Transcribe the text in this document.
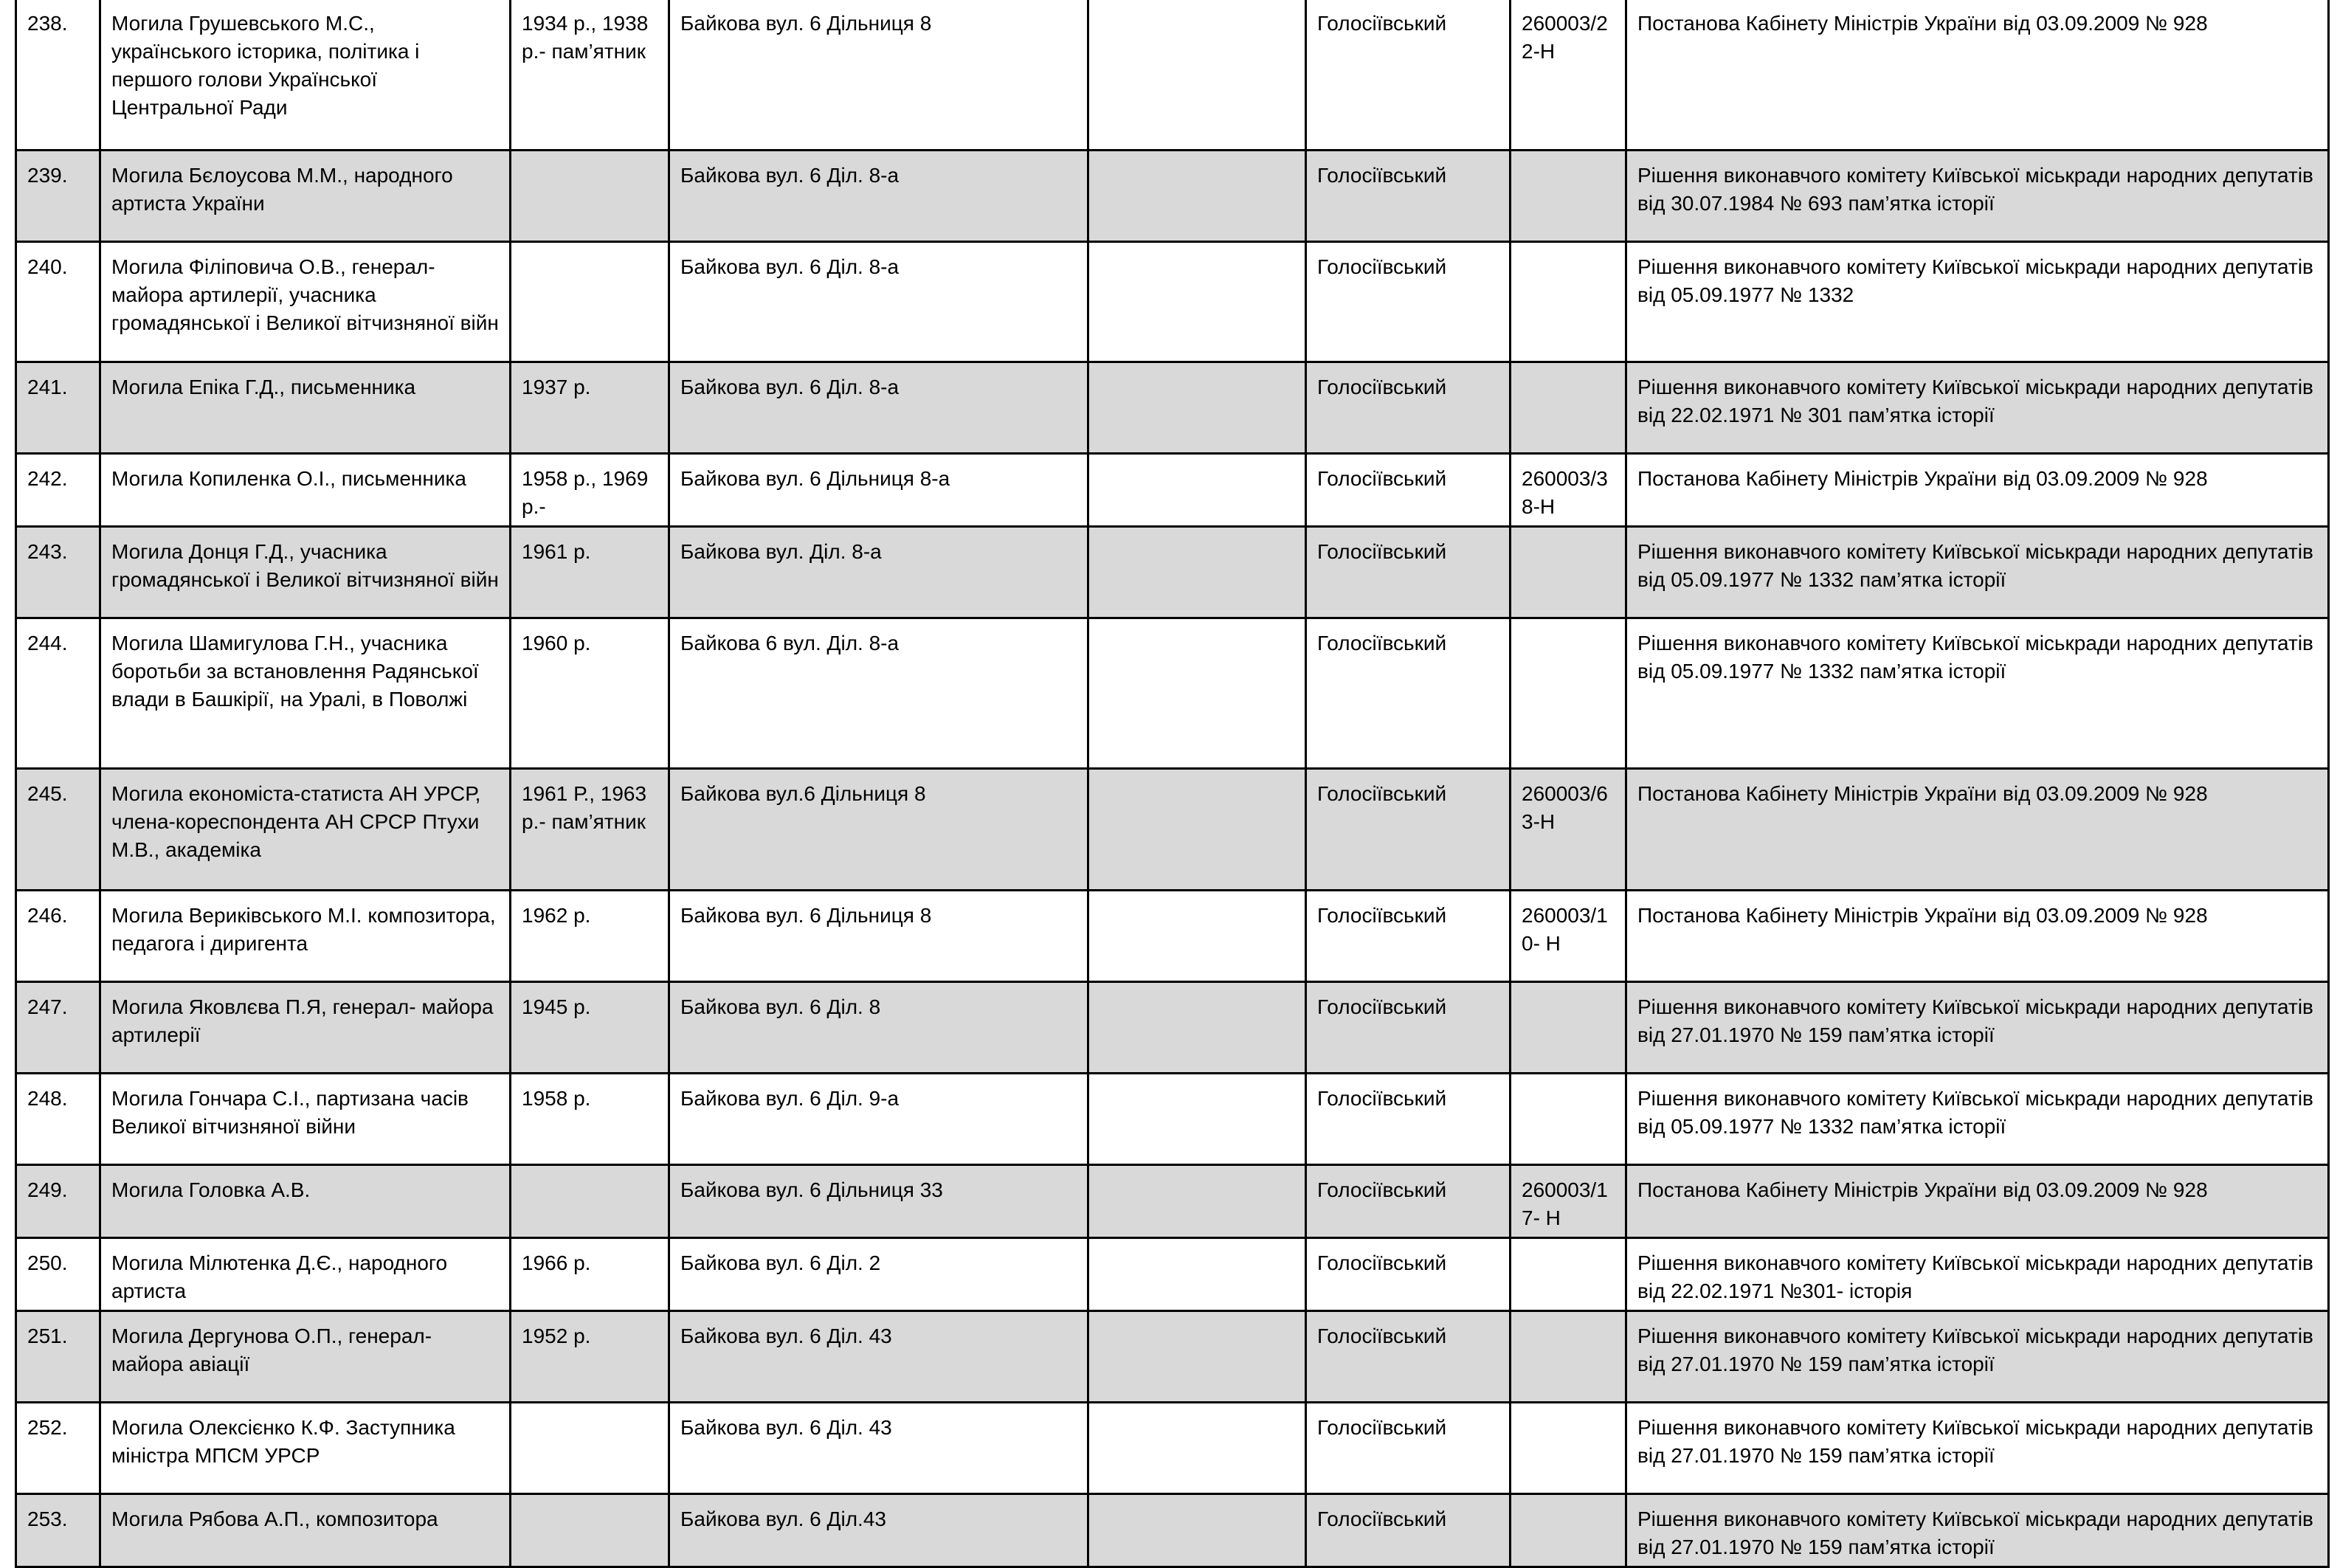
238.	Могила Грушевського М.С., українського історика, політика і першого голови Української Центральної Ради	1934 р., 1938 р.- пам’ятник	Байкова вул. 6 Дільниця 8		Голосіївський	260003/22-Н	Постанова Кабінету Міністрів України від 03.09.2009 № 928
239.	Могила Бєлоусова М.М., народного артиста України		Байкова вул. 6 Діл. 8-а		Голосіївський		Рішення виконавчого комітету Київської міськради народних депутатів від 30.07.1984 № 693 пам’ятка історії
240.	Могила Філіповича О.В., генерал-майора артилерії, учасника громадянської і Великої вітчизняної війн		Байкова вул. 6 Діл. 8-а		Голосіївський		Рішення виконавчого комітету Київської міськради народних депутатів від 05.09.1977 № 1332
241.	Могила Епіка Г.Д., письменника	1937 р.	Байкова вул. 6 Діл. 8-а		Голосіївський		Рішення виконавчого комітету Київської міськради народних депутатів від 22.02.1971 № 301 пам’ятка історії
242.	Могила Копиленка О.І., письменника	1958 р., 1969 р.-	Байкова вул. 6 Дільниця 8-а		Голосіївський	260003/38-Н	Постанова Кабінету Міністрів України від 03.09.2009 № 928
243.	Могила Донця Г.Д., учасника громадянської і Великої вітчизняної війн	1961 р.	Байкова вул. Діл. 8-а		Голосіївський		Рішення виконавчого комітету Київської міськради народних депутатів від 05.09.1977 № 1332 пам’ятка історії
244.	Могила Шамигулова Г.Н., учасника боротьби за встановлення Радянської влади в Башкірії, на Уралі, в Поволжі	1960 р.	Байкова 6 вул. Діл. 8-а		Голосіївський		Рішення виконавчого комітету Київської міськради народних депутатів від 05.09.1977 № 1332 пам’ятка історії
245.	Могила економіста-статиста АН УРСР, члена-кореспондента АН СРСР Птухи М.В., академіка	1961 Р., 1963 р.- пам’ятник	Байкова вул.6 Дільниця 8		Голосіївський	260003/63-Н	Постанова Кабінету Міністрів України від 03.09.2009 № 928
246.	Могила Вериківського М.І. композитора, педагога і диригента	1962 р.	Байкова вул. 6 Дільниця 8		Голосіївський	260003/10- Н	Постанова Кабінету Міністрів України від 03.09.2009 № 928
247.	Могила Яковлєва П.Я, генерал- майора артилерії	1945 р.	Байкова вул. 6 Діл. 8		Голосіївський		Рішення виконавчого комітету Київської міськради народних депутатів від 27.01.1970 № 159 пам’ятка історії
248.	Могила Гончара С.І., партизана часів Великої вітчизняної війни	1958 р.	Байкова вул. 6 Діл. 9-а		Голосіївський		Рішення виконавчого комітету Київської міськради народних депутатів від 05.09.1977 № 1332 пам’ятка історії
249.	Могила Головка А.В.		Байкова вул. 6 Дільниця 33		Голосіївський	260003/17- Н	Постанова Кабінету Міністрів України від 03.09.2009 № 928
250.	Могила Мілютенка Д.Є., народного артиста	1966 р.	Байкова вул. 6 Діл. 2		Голосіївський		Рішення виконавчого комітету Київської міськради народних депутатів від 22.02.1971 №301- історія
251.	Могила Дергунова О.П., генерал-майора авіації	1952 р.	Байкова вул. 6 Діл. 43		Голосіївський		Рішення виконавчого комітету Київської міськради народних депутатів від 27.01.1970 № 159 пам’ятка історії
252.	Могила Олексієнко К.Ф. Заступника міністра МПСМ УРСР		Байкова вул. 6 Діл. 43		Голосіївський		Рішення виконавчого комітету Київської міськради народних депутатів від 27.01.1970 № 159 пам’ятка історії
253.	Могила Рябова А.П., композитора		Байкова вул. 6 Діл.43		Голосіївський		Рішення виконавчого комітету Київської міськради народних депутатів від 27.01.1970 № 159 пам’ятка історії
